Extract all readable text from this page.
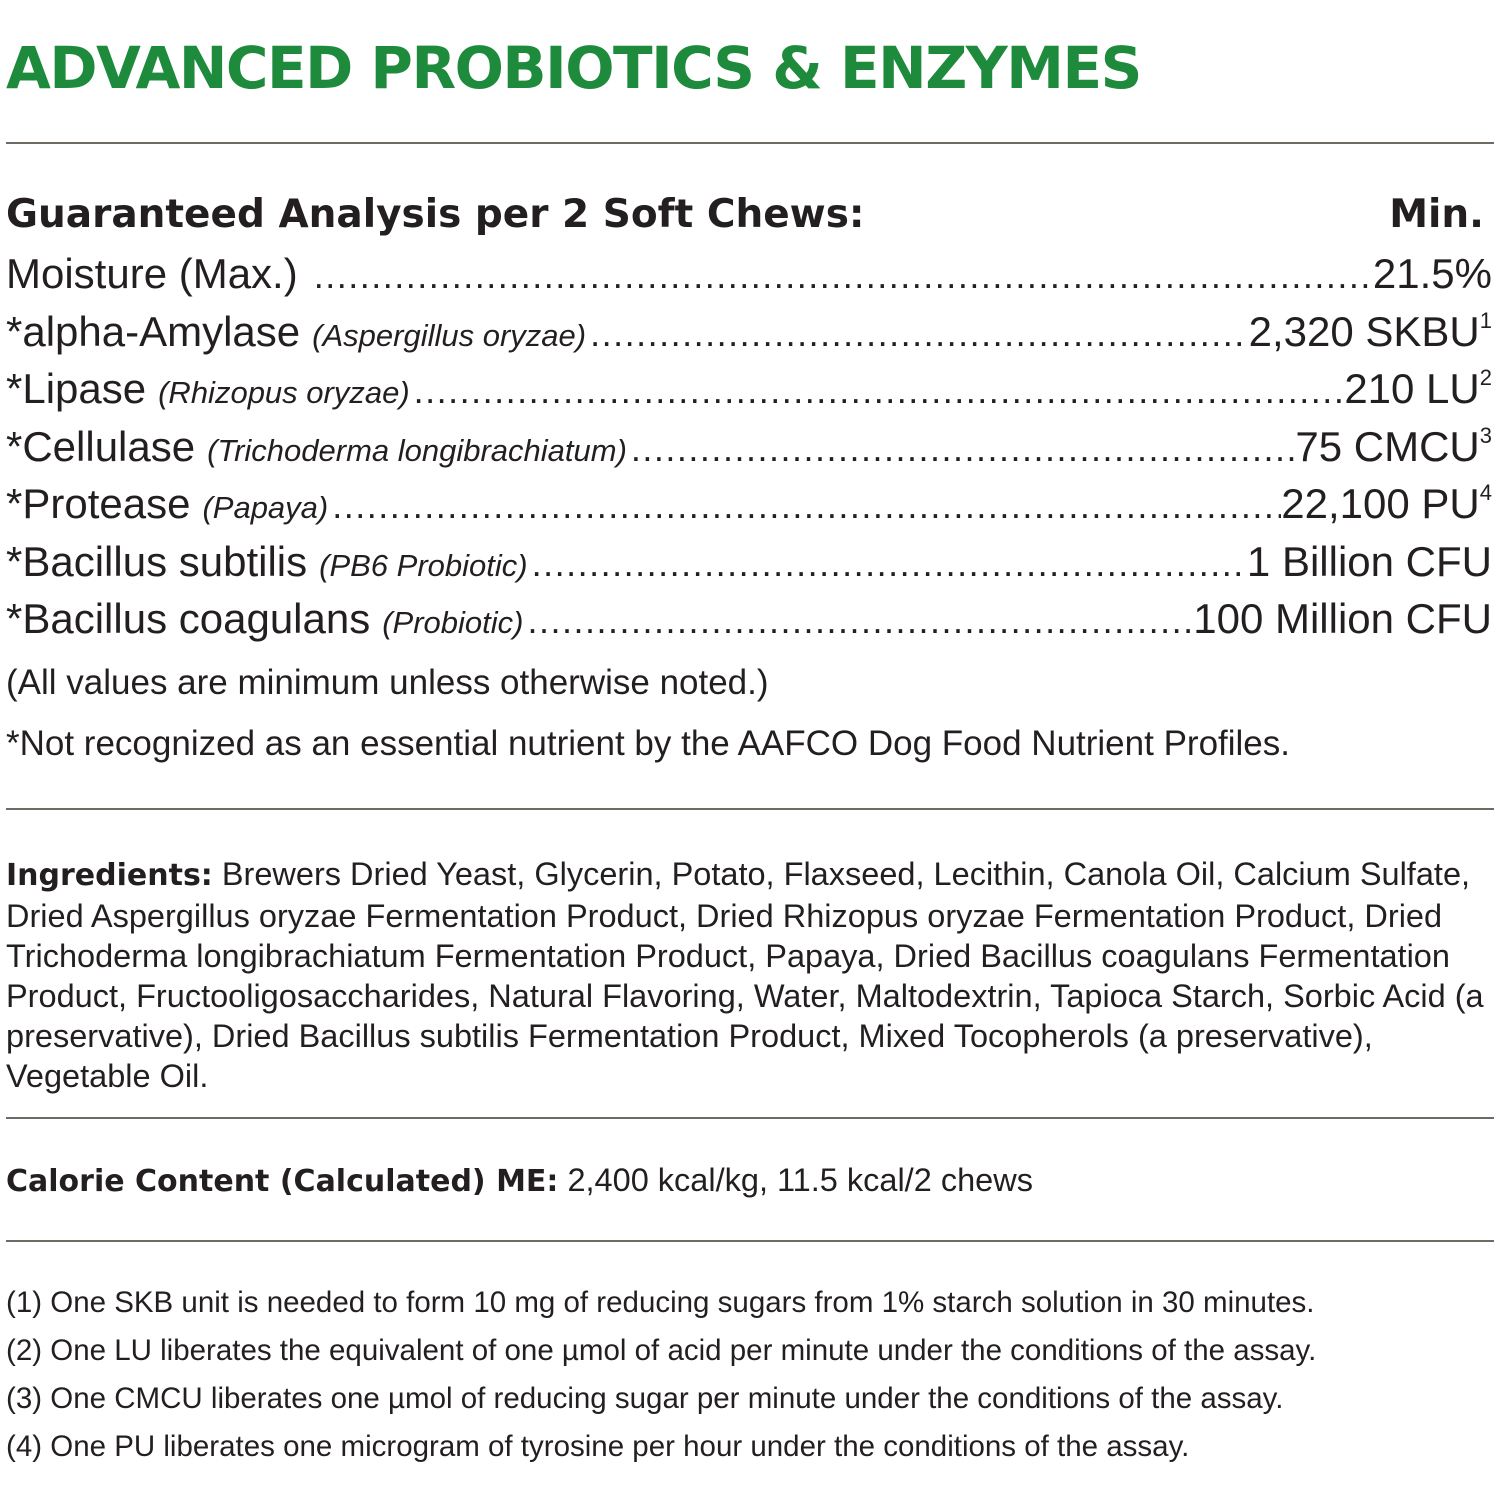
ADVANCED PROBIOTICS & ENZYMES
Guaranteed Analysis per 2 Soft Chews:	Min.
Moisture (Max.) .....	21.5%
*alpha-Amylase (Aspergillus oryzae) .....	2,320 SKBU$^1$
*Lipase (Rhizopus oryzae) .....	210 $LU^2$
*Cellulase (Trichoderma longibrachiatum) .....	75 CMCU$^3$
*Protease (Papaya) .....	22,100 $PU^4$
*Bacillus subtilis (PB6 Probiotic) .....	1 Billion CFU
*Bacillus coagulans (Probiotic) .....	100 Million CFU
(All values are minimum unless otherwise noted.)
*Not recognized as an essential nutrient by the AAFCO Dog Food Nutrient Profiles.

Ingredients: Brewers Dried Yeast, Glycerin, Potato, Flaxseed, Lecithin, Canola Oil, Calcium Sulfate, Dried Aspergillus oryzae Fermentation Product, Dried Rhizopus oryzae Fermentation Product, Dried Trichoderma longibrachiatum Fermentation Product, Papaya, Dried Bacillus coagulans Fermentation Product, Fructooligosaccharides, Natural Flavoring, Water, Maltodextrin, Tapioca Starch, Sorbic Acid (a preservative), Dried Bacillus subtilis Fermentation Product, Mixed Tocopherols (a preservative), Vegetable Oil.

Calorie Content (Calculated) ME: 2,400 kcal/kg, 11.5 kcal/2 chews
(1) One SKB unit is needed to form 10 mg of reducing sugars from 1% starch solution in 30 minutes.
(2) One LU liberates the equivalent of one µmol of acid per minute under the conditions of the assay.
(3) One CMCU liberates one µmol of reducing sugar per minute under the conditions of the assay.
(4) One PU liberates one microgram of tyrosine per hour under the conditions of the assay.
